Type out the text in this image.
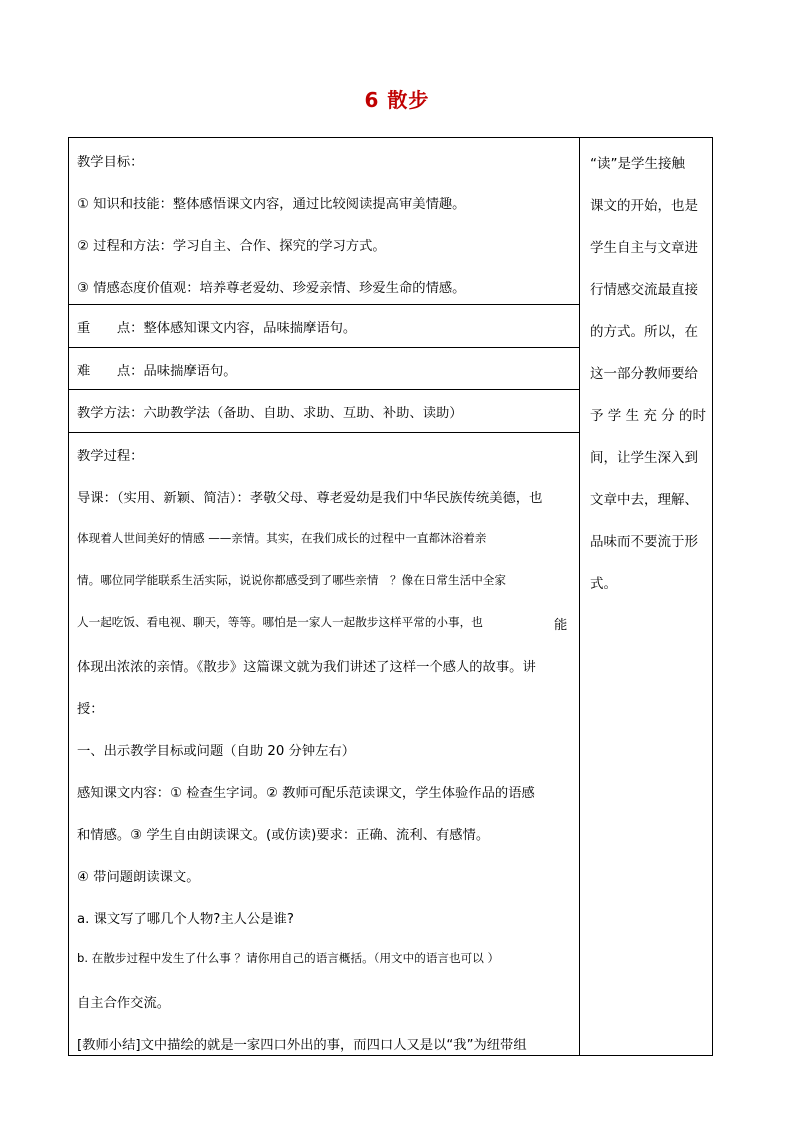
6 散步
教学目标：
① 知识和技能：整体感悟课文内容，通过比较阅读提高审美情趣。
② 过程和方法：学习自主、合作、探究的学习方式。
③ 情感态度价值观：培养尊老爱幼、珍爱亲情、珍爱生命的情感。
重　　点：整体感知课文内容，品味揣摩语句。
难　　点：品味揣摩语句。
教学方法：六助教学法（备助、自助、求助、互助、补助、读助）
教学过程：
导课：（实用、新颖、简洁）：孝敬父母、尊老爱幼是我们中华民族传统美德，也
体现着人世间美好的情感 ——亲情。其实，在我们成长的过程中一直都沐浴着亲
情。哪位同学能联系生活实际，说说你都感受到了哪些亲情　？像在日常生活中全家
人一起吃饭、看电视、聊天，等等。哪怕是一家人一起散步这样平常的小事，也	能
体现出浓浓的亲情。《散步》这篇课文就为我们讲述了这样一个感人的故事。讲
授：
一、出示教学目标或问题（自助 20 分钟左右）
感知课文内容：① 检查生字词。② 教师可配乐范读课文，学生体验作品的语感
和情感。③ 学生自由朗读课文。(或仿读)要求：正确、流利、有感情。
④ 带问题朗读课文。
a. 课文写了哪几个人物?主人公是谁?
b. 在散步过程中发生了什么事 ？请你用自己的语言概括。（用文中的语言也可以 ）
自主合作交流。
[教师小结]文中描绘的就是一家四口外出的事，而四口人又是以“我”为纽带组
“读”是学生接触
课文的开始，也是
学生自主与文章进
行情感交流最直接
的方式。所以，在
这一部分教师要给
予 学 生 充 分 的时
间，让学生深入到
文章中去，理解、
品味而不要流于形
式。
